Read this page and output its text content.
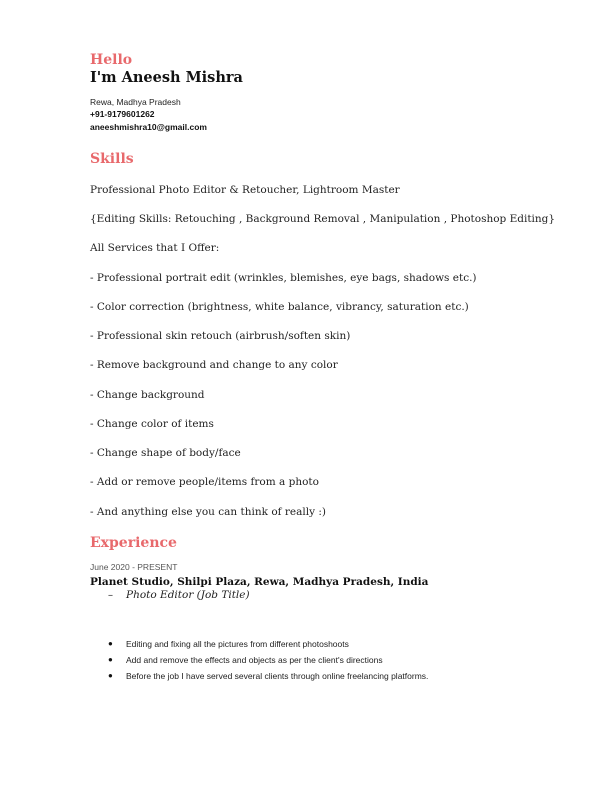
Hello
I'm Aneesh Mishra
Rewa, Madhya Pradesh
+91-9179601262
aneeshmishra10@gmail.com
Skills
Professional Photo Editor & Retoucher, Lightroom Master
{Editing Skills: Retouching , Background Removal , Manipulation , Photoshop Editing}
All Services that I Offer:
- Professional portrait edit (wrinkles, blemishes, eye bags, shadows etc.)
- Color correction (brightness, white balance, vibrancy, saturation etc.)
- Professional skin retouch (airbrush/soften skin)
- Remove background and change to any color
- Change background
- Change color of items
- Change shape of body/face
- Add or remove people/items from a photo
- And anything else you can think of really :)
Experience
June 2020 - PRESENT
Planet Studio, Shilpi Plaza, Rewa, Madhya Pradesh, India
– Photo Editor (Job Title)
● Editing and fixing all the pictures from different photoshoots
● Add and remove the effects and objects as per the client's directions
● Before the job I have served several clients through online freelancing platforms.
